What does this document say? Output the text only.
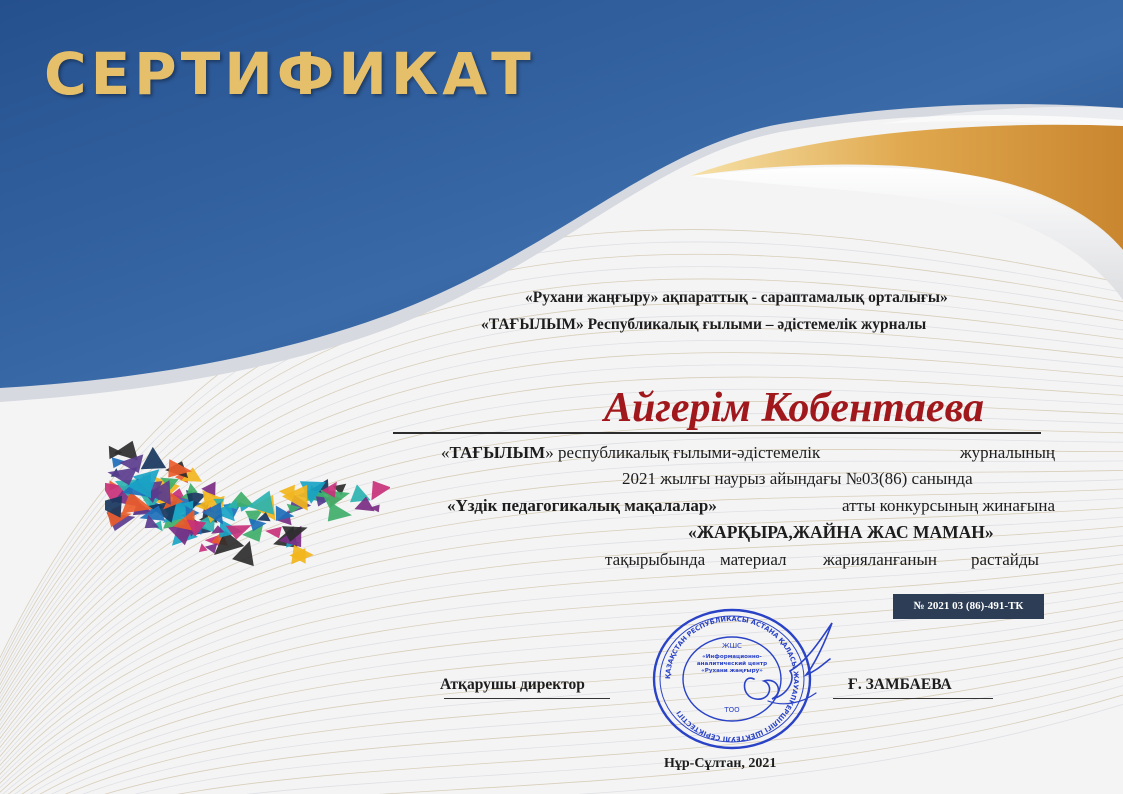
СЕРТИФИКАТ
«Рухани жаңғыру» ақпараттық - сараптамалық орталығы»
«ТАҒЫЛЫМ» Республикалық ғылыми – әдістемелік журналы
Айгерім Кобентаева
«ТАҒЫЛЫМ» республикалық ғылыми-әдістемелік	журналының
2021 жылғы наурыз айындағы №03(86) санында
«Үздік педагогикалық мақалалар»	атты конкурсының жинағына
«ЖАРҚЫРА,ЖАЙНА ЖАС МАМАН»
тақырыбында материал жарияланғанын растайды
№ 2021 03 (86)-491-ТК
ҚАЗАҚСТАН РЕСПУБЛИКАСЫ АСТАНА ҚАЛАСЫ ЖАУАПКЕРШІЛІГІ ШЕКТЕУЛІ СЕРІКТЕСТІГІ
ЖШС
«Информационно-аналитический центр «Рухани жаңғыру»
ТОО
Атқарушы директор	Ғ. ЗАМБАЕВА
Нұр-Сұлтан, 2021
